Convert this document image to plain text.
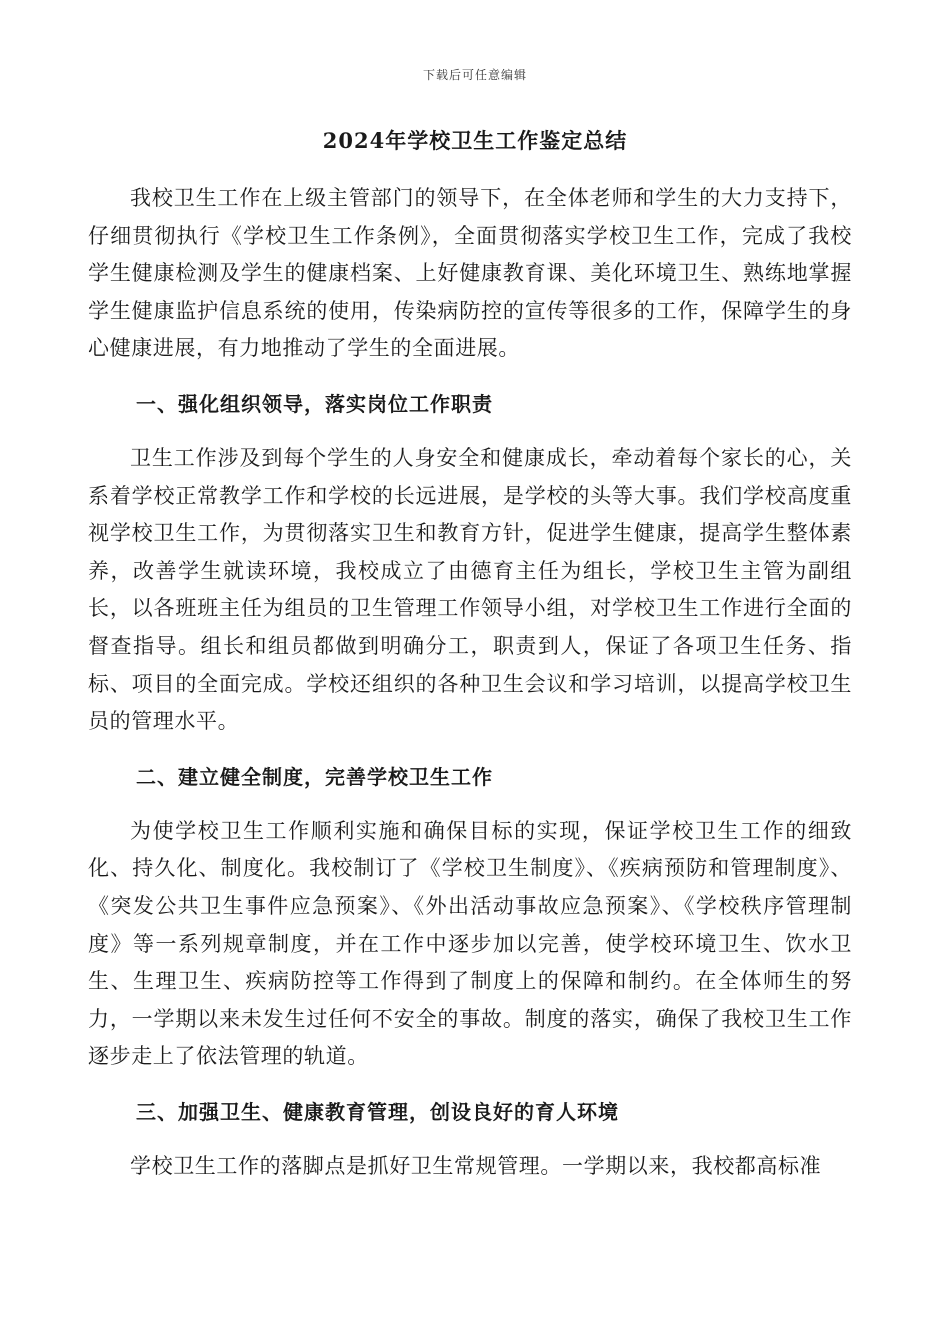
下载后可任意编辑
2024年学校卫生工作鉴定总结

我校卫生工作在上级主管部门的领导下，在全体老师和学生的大力支持下，仔细贯彻执行《学校卫生工作条例》，全面贯彻落实学校卫生工作，完成了我校学生健康检测及学生的健康档案、上好健康教育课、美化环境卫生、熟练地掌握学生健康监护信息系统的使用，传染病防控的宣传等很多的工作，保障学生的身心健康进展，有力地推动了学生的全面进展。

一、强化组织领导，落实岗位工作职责

卫生工作涉及到每个学生的人身安全和健康成长，牵动着每个家长的心，关系着学校正常教学工作和学校的长远进展，是学校的头等大事。我们学校高度重视学校卫生工作，为贯彻落实卫生和教育方针，促进学生健康，提高学生整体素养，改善学生就读环境，我校成立了由德育主任为组长，学校卫生主管为副组长，以各班班主任为组员的卫生管理工作领导小组，对学校卫生工作进行全面的督查指导。组长和组员都做到明确分工，职责到人，保证了各项卫生任务、指标、项目的全面完成。学校还组织的各种卫生会议和学习培训，以提高学校卫生员的管理水平。

二、建立健全制度，完善学校卫生工作

为使学校卫生工作顺利实施和确保目标的实现，保证学校卫生工作的细致化、持久化、制度化。我校制订了《学校卫生制度》、《疾病预防和管理制度》、《突发公共卫生事件应急预案》、《外出活动事故应急预案》、《学校秩序管理制度》等一系列规章制度，并在工作中逐步加以完善，使学校环境卫生、饮水卫生、生理卫生、疾病防控等工作得到了制度上的保障和制约。在全体师生的努力，一学期以来未发生过任何不安全的事故。制度的落实，确保了我校卫生工作逐步走上了依法管理的轨道。

三、加强卫生、健康教育管理，创设良好的育人环境

学校卫生工作的落脚点是抓好卫生常规管理。一学期以来，我校都高标准
